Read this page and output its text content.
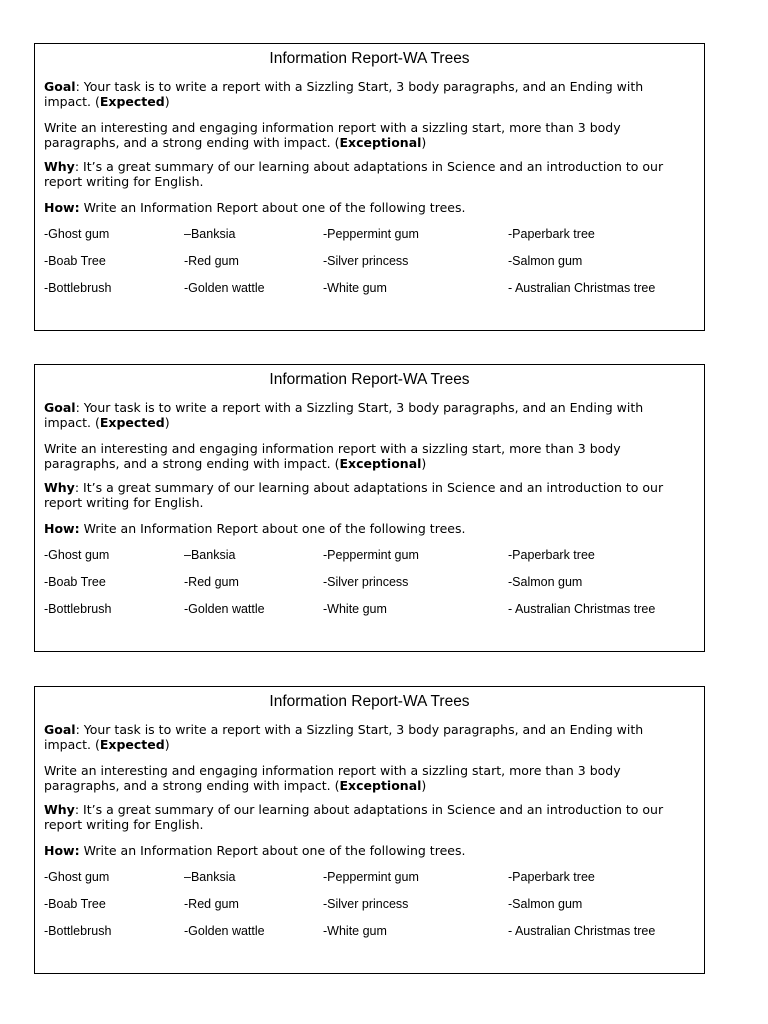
Information Report-WA Trees

Goal: Your task is to write a report with a Sizzling Start, 3 body paragraphs, and an Ending with impact. (Expected)

Write an interesting and engaging information report with a sizzling start, more than 3 body paragraphs, and a strong ending with impact. (Exceptional)

Why: It’s a great summary of our learning about adaptations in Science and an introduction to our report writing for English.

How: Write an Information Report about one of the following trees.

-Ghost gum	–Banksia	-Peppermint gum	-Paperbark tree
-Boab Tree	-Red gum	-Silver princess	-Salmon gum
-Bottlebrush	-Golden wattle	-White gum	- Australian Christmas tree
Information Report-WA Trees

Goal: Your task is to write a report with a Sizzling Start, 3 body paragraphs, and an Ending with impact. (Expected)

Write an interesting and engaging information report with a sizzling start, more than 3 body paragraphs, and a strong ending with impact. (Exceptional)

Why: It’s a great summary of our learning about adaptations in Science and an introduction to our report writing for English.

How: Write an Information Report about one of the following trees.

-Ghost gum	–Banksia	-Peppermint gum	-Paperbark tree
-Boab Tree	-Red gum	-Silver princess	-Salmon gum
-Bottlebrush	-Golden wattle	-White gum	- Australian Christmas tree
Information Report-WA Trees

Goal: Your task is to write a report with a Sizzling Start, 3 body paragraphs, and an Ending with impact. (Expected)

Write an interesting and engaging information report with a sizzling start, more than 3 body paragraphs, and a strong ending with impact. (Exceptional)

Why: It’s a great summary of our learning about adaptations in Science and an introduction to our report writing for English.

How: Write an Information Report about one of the following trees.

-Ghost gum	–Banksia	-Peppermint gum	-Paperbark tree
-Boab Tree	-Red gum	-Silver princess	-Salmon gum
-Bottlebrush	-Golden wattle	-White gum	- Australian Christmas tree
